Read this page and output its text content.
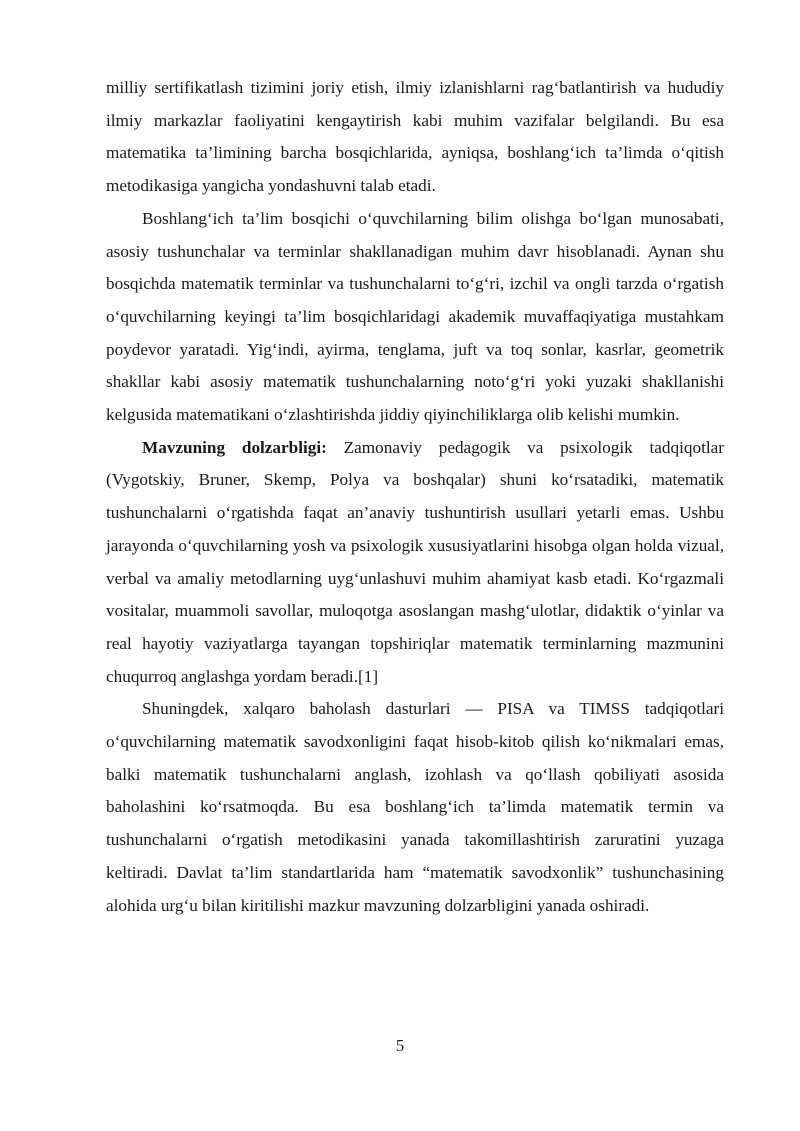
milliy sertifikatlash tizimini joriy etish, ilmiy izlanishlarni rag‘batlantirish va hududiy ilmiy markazlar faoliyatini kengaytirish kabi muhim vazifalar belgilandi. Bu esa matematika ta’limining barcha bosqichlarida, ayniqsa, boshlang‘ich ta’limda o‘qitish metodikasiga yangicha yondashuvni talab etadi.

Boshlang‘ich ta’lim bosqichi o‘quvchilarning bilim olishga bo‘lgan munosabati, asosiy tushunchalar va terminlar shakllanadigan muhim davr hisoblanadi. Aynan shu bosqichda matematik terminlar va tushunchalarni to‘g‘ri, izchil va ongli tarzda o‘rgatish o‘quvchilarning keyingi ta’lim bosqichlaridagi akademik muvaffaqiyatiga mustahkam poydevor yaratadi. Yig‘indi, ayirma, tenglama, juft va toq sonlar, kasrlar, geometrik shakllar kabi asosiy matematik tushunchalarning noto‘g‘ri yoki yuzaki shakllanishi kelgusida matematikani o‘zlashtirishda jiddiy qiyinchiliklarga olib kelishi mumkin.

Mavzuning dolzarbligi: Zamonaviy pedagogik va psixologik tadqiqotlar (Vygotskiy, Bruner, Skemp, Polya va boshqalar) shuni ko‘rsatadiki, matematik tushunchalarni o‘rgatishda faqat an’anaviy tushuntirish usullari yetarli emas. Ushbu jarayonda o‘quvchilarning yosh va psixologik xususiyatlarini hisobga olgan holda vizual, verbal va amaliy metodlarning uyg‘unlashuvi muhim ahamiyat kasb etadi. Ko‘rgazmali vositalar, muammoli savollar, muloqotga asoslangan mashg‘ulotlar, didaktik o‘yinlar va real hayotiy vaziyatlarga tayangan topshiriqlar matematik terminlarning mazmunini chuqurroq anglashga yordam beradi.[1]

Shuningdek, xalqaro baholash dasturlari — PISA va TIMSS tadqiqotlari o‘quvchilarning matematik savodxonligini faqat hisob-kitob qilish ko‘nikmalari emas, balki matematik tushunchalarni anglash, izohlash va qo‘llash qobiliyati asosida baholashini ko‘rsatmoqda. Bu esa boshlang‘ich ta’limda matematik termin va tushunchalarni o‘rgatish metodikasini yanada takomillashtirish zaruratini yuzaga keltiradi. Davlat ta’lim standartlarida ham “matematik savodxonlik” tushunchasining alohida urg‘u bilan kiritilishi mazkur mavzuning dolzarbligini yanada oshiradi.

5
